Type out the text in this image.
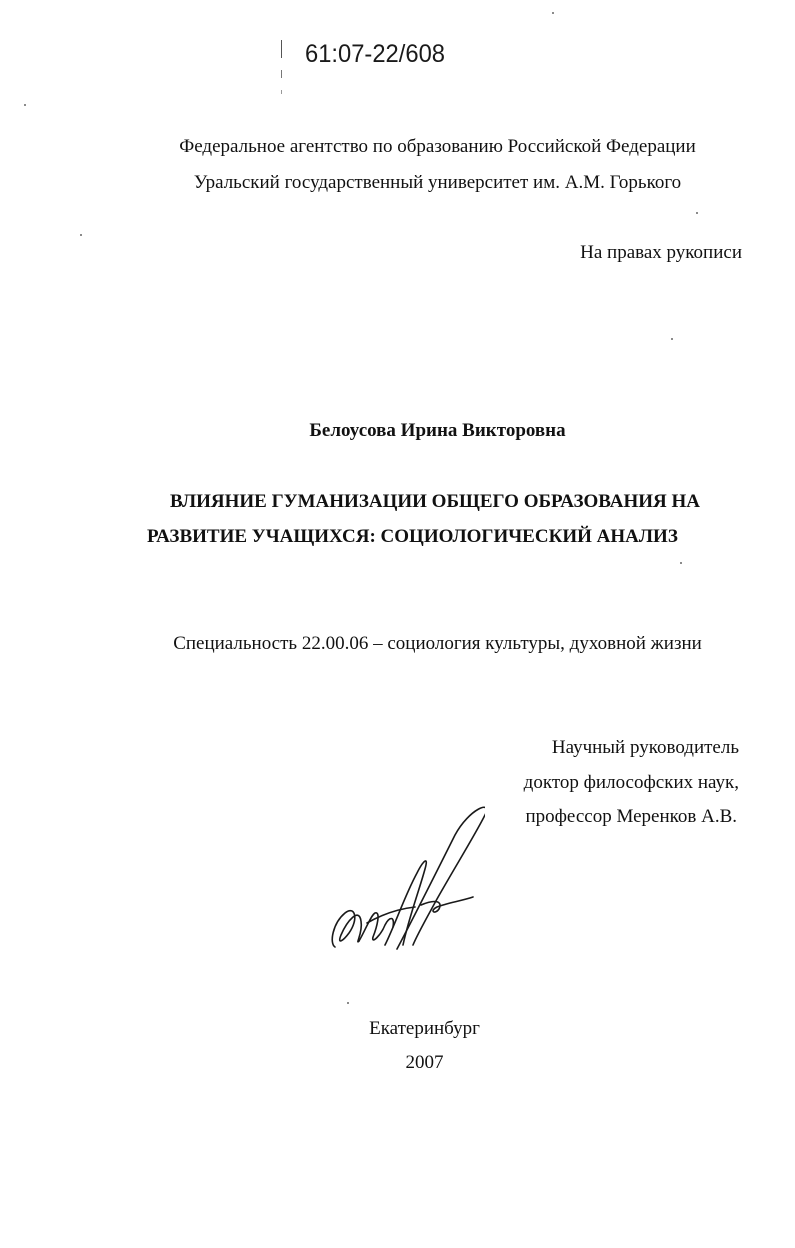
61:07-22/608
Федеральное агентство по образованию Российской Федерации
Уральский государственный университет им. А.М. Горького
На правах рукописи
Белоусова Ирина Викторовна
ВЛИЯНИЕ ГУМАНИЗАЦИИ ОБЩЕГО ОБРАЗОВАНИЯ НА
РАЗВИТИЕ УЧАЩИХСЯ: СОЦИОЛОГИЧЕСКИЙ АНАЛИЗ
Специальность 22.00.06 – социология культуры, духовной жизни
Научный руководитель
доктор философских наук,
профессор Меренков А.В.
Екатеринбург
2007
